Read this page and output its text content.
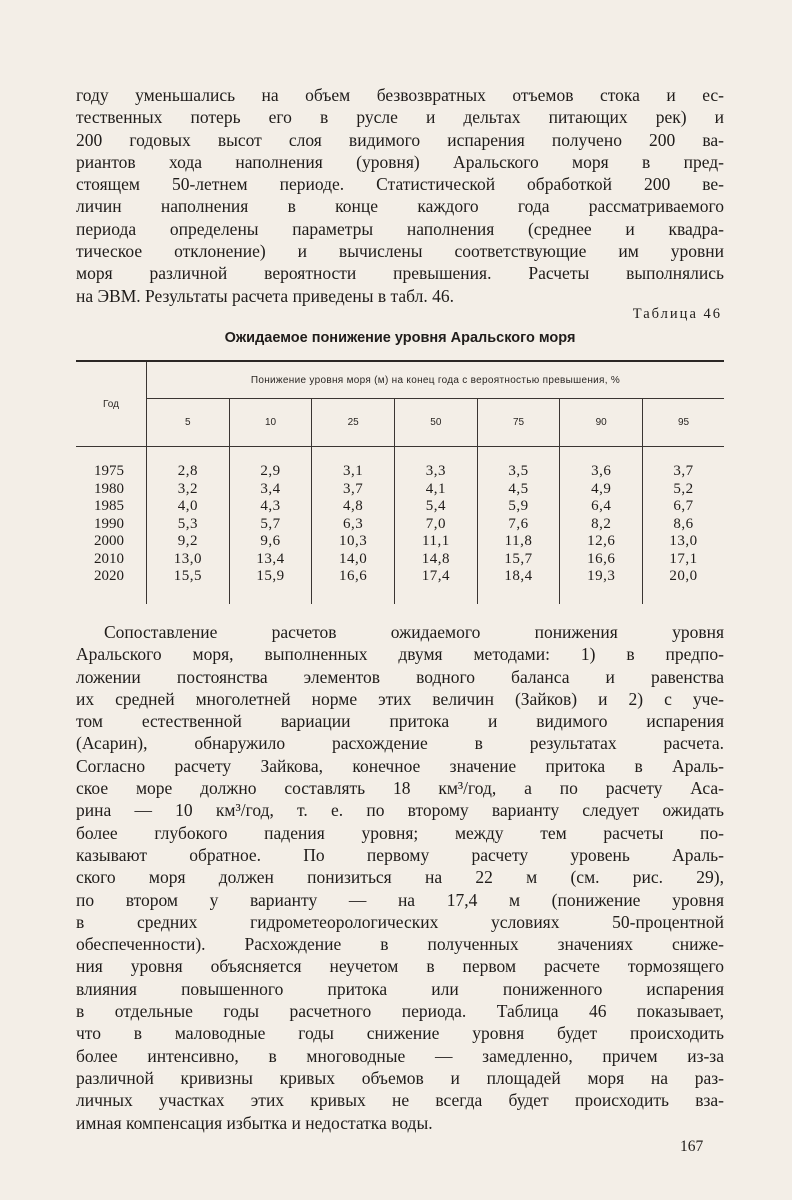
году уменьшались на объем безвозвратных отъемов стока и ес-
тественных потерь его в русле и дельтах питающих рек) и
200 годовых высот слоя видимого испарения получено 200 ва-
риантов хода наполнения (уровня) Аральского моря в пред-
стоящем 50-летнем периоде. Статистической обработкой 200 ве-
личин наполнения в конце каждого года рассматриваемого
периода определены параметры наполнения (среднее и квадра-
тическое отклонение) и вычислены соответствующие им уровни
моря различной вероятности превышения. Расчеты выполнялись
на ЭВМ. Результаты расчета приведены в табл. 46.

Таблица 46

Ожидаемое понижение уровня Аральского моря

Год	Понижение уровня моря (м) на конец года с вероятностью превышения, %						
	5	10	25	50	75	90	95

1975	2,8	2,9	3,1	3,3	3,5	3,6	3,7
1980	3,2	3,4	3,7	4,1	4,5	4,9	5,2
1985	4,0	4,3	4,8	5,4	5,9	6,4	6,7
1990	5,3	5,7	6,3	7,0	7,6	8,2	8,6
2000	9,2	9,6	10,3	11,1	11,8	12,6	13,0
2010	13,0	13,4	14,0	14,8	15,7	16,6	17,1
2020	15,5	15,9	16,6	17,4	18,4	19,3	20,0

Сопоставление расчетов ожидаемого понижения уровня
Аральского моря, выполненных двумя методами: 1) в предпо-
ложении постоянства элементов водного баланса и равенства
их средней многолетней норме этих величин (Зайков) и 2) с уче-
том естественной вариации притока и видимого испарения
(Асарин), обнаружило расхождение в результатах расчета.
Согласно расчету Зайкова, конечное значение притока в Араль-
ское море должно составлять 18 км³/год, а по расчету Аса-
рина — 10 км³/год, т. е. по второму варианту следует ожидать
более глубокого падения уровня; между тем расчеты по-
казывают обратное. По первому расчету уровень Араль-
ского моря должен понизиться на 22 м (см. рис. 29),
по втором у варианту — на 17,4 м (понижение уровня
в средних гидрометеорологических условиях 50-процентной
обеспеченности). Расхождение в полученных значениях сниже-
ния уровня объясняется неучетом в первом расчете тормозящего
влияния повышенного притока или пониженного испарения
в отдельные годы расчетного периода. Таблица 46 показывает,
что в маловодные годы снижение уровня будет происходить
более интенсивно, в многоводные — замедленно, причем из-за
различной кривизны кривых объемов и площадей моря на раз-
личных участках этих кривых не всегда будет происходить вза-
имная компенсация избытка и недостатка воды.

167
